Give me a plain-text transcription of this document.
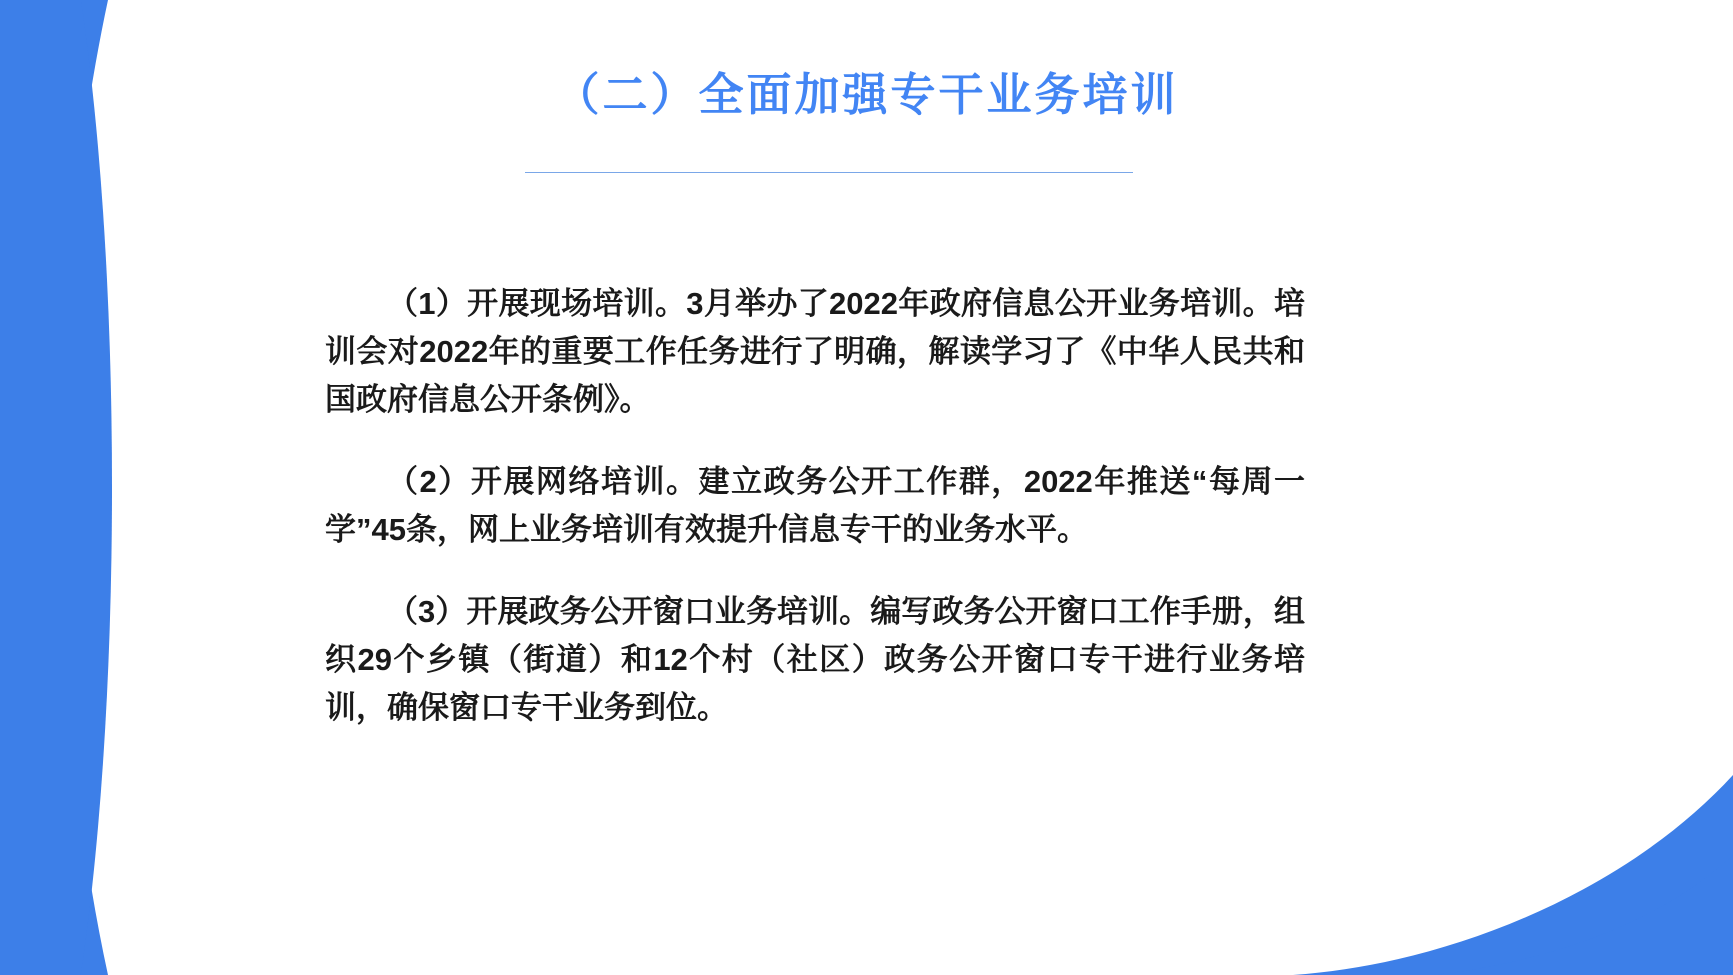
（二）全面加强专干业务培训

（1）开展现场培训。3月举办了2022年政府信息公开业务培训。培训会对2022年的重要工作任务进行了明确，解读学习了《中华人民共和国政府信息公开条例》。

（2）开展网络培训。建立政务公开工作群，2022年推送“每周一学”45条，网上业务培训有效提升信息专干的业务水平。

（3）开展政务公开窗口业务培训。编写政务公开窗口工作手册，组织29个乡镇（街道）和12个村（社区）政务公开窗口专干进行业务培训，确保窗口专干业务到位。
